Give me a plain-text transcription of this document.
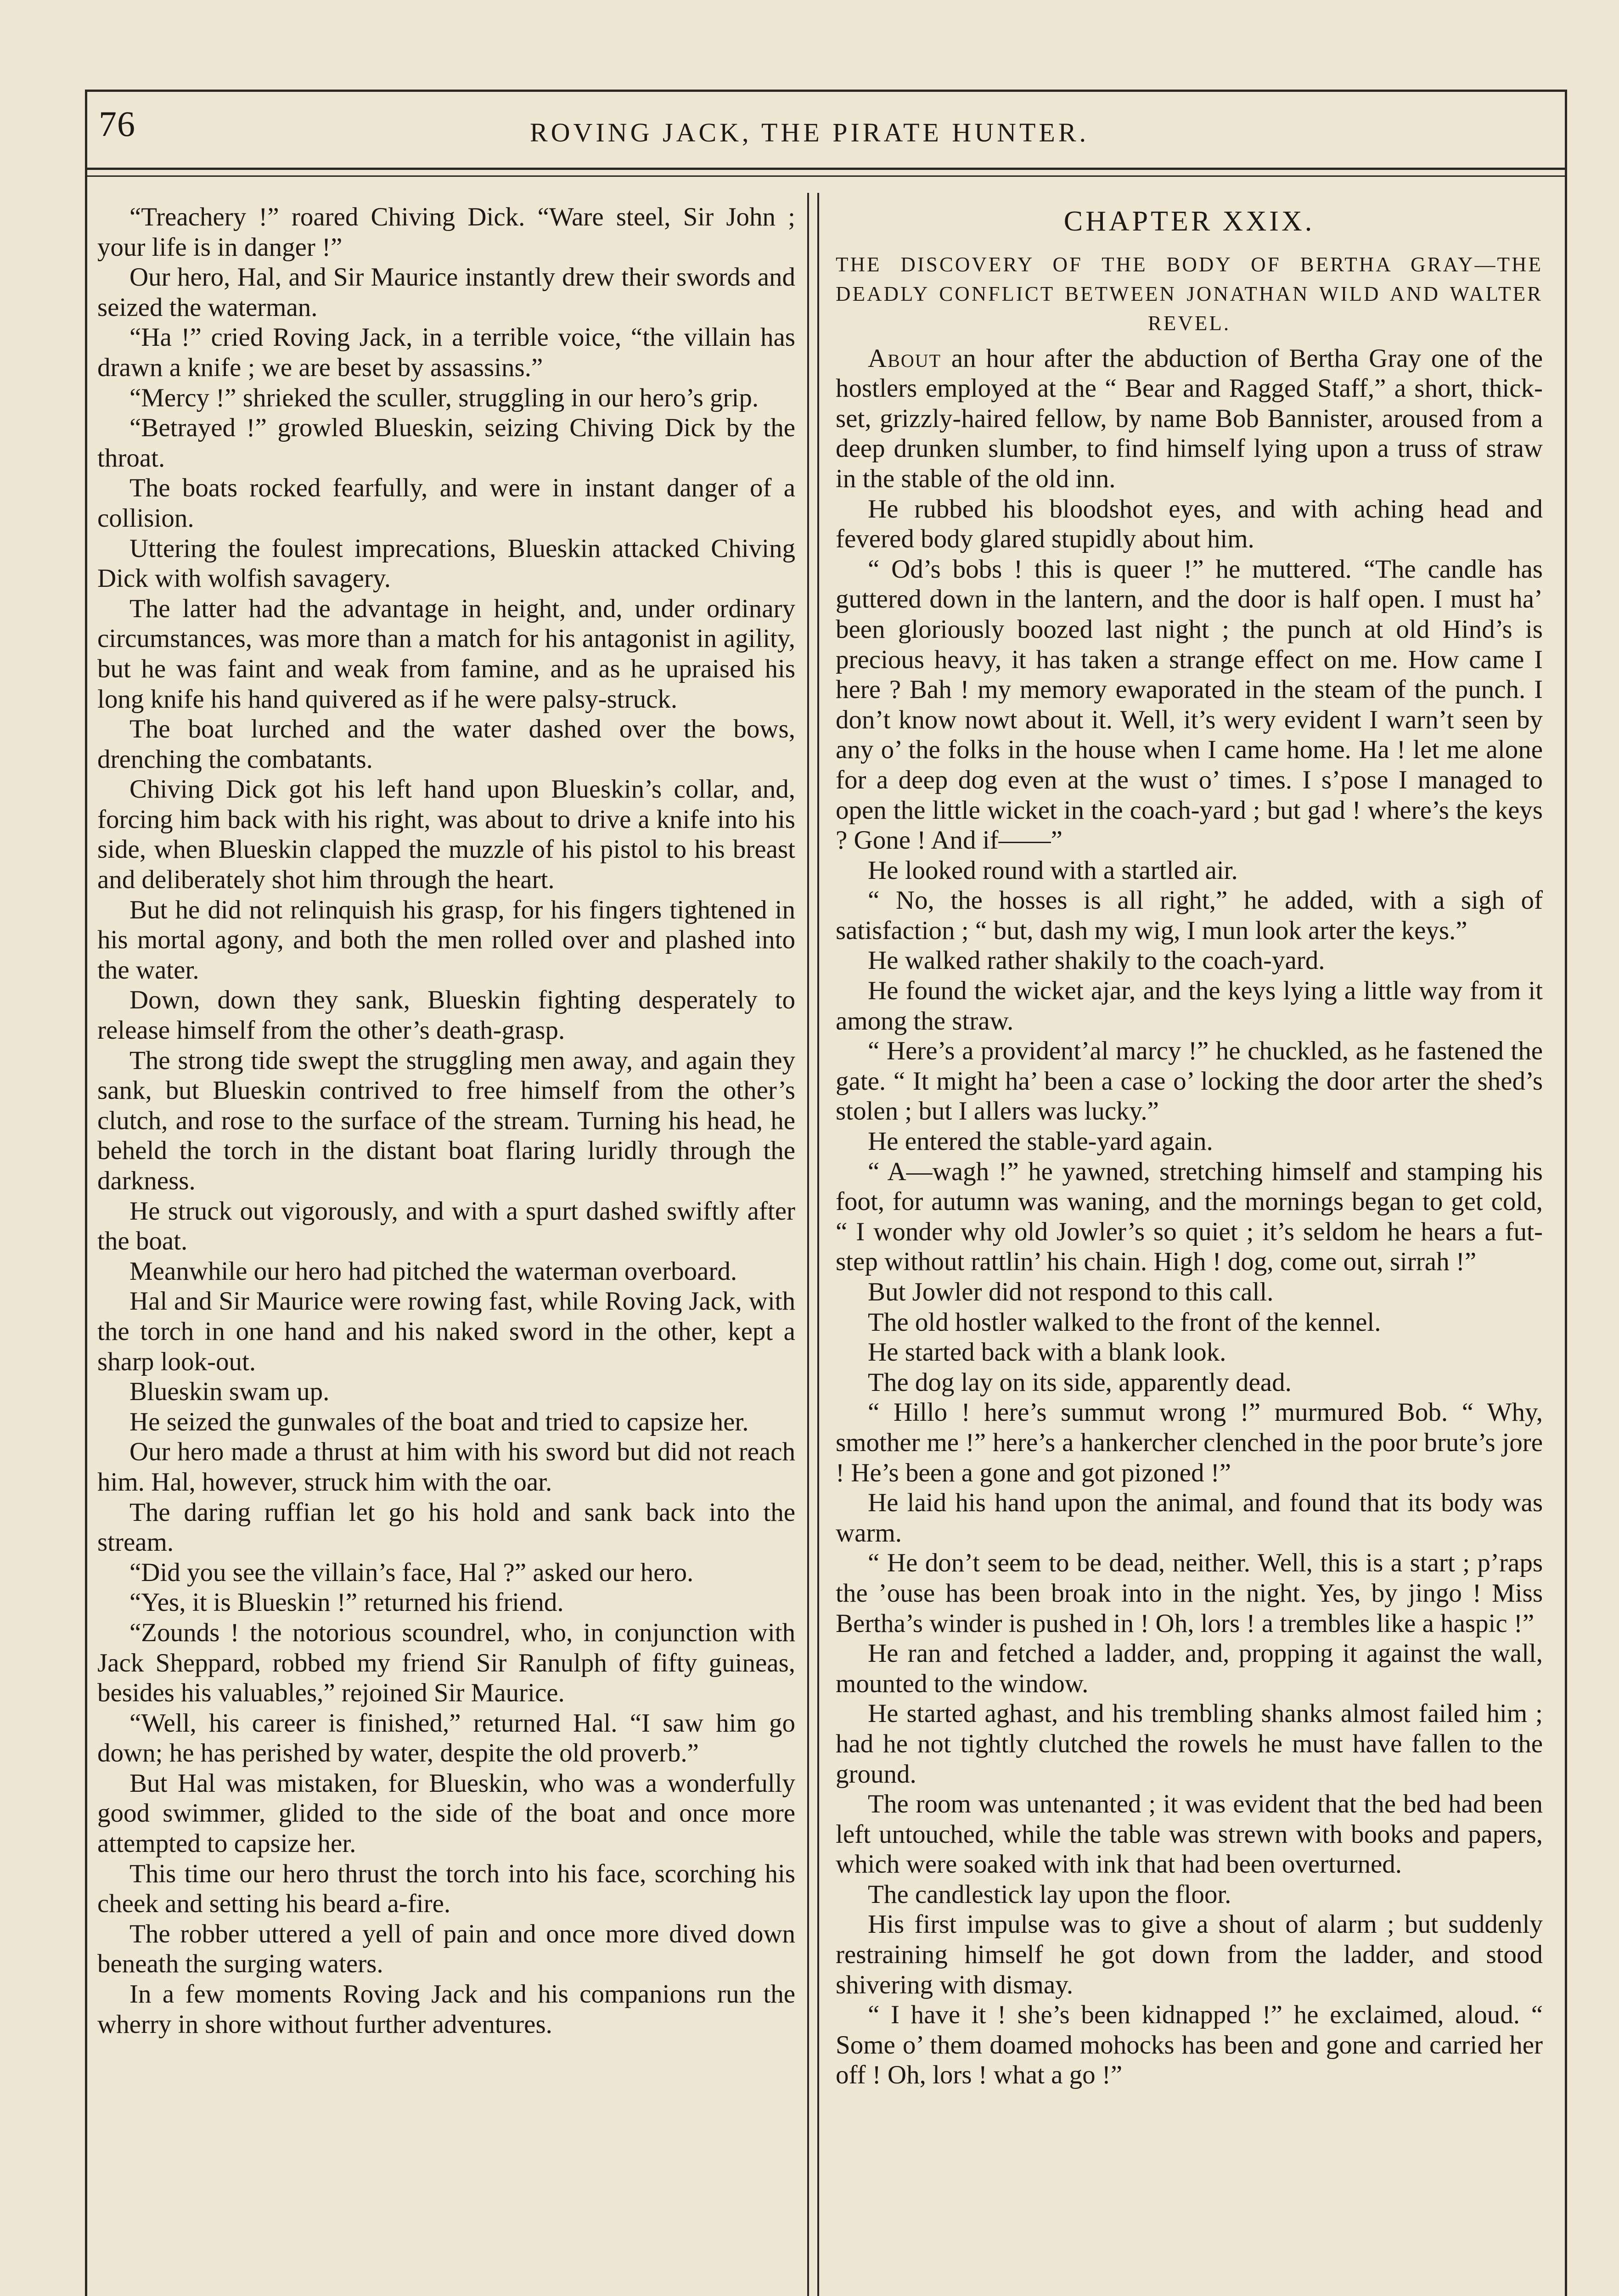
76	ROVING JACK, THE PIRATE HUNTER.

“Treachery !” roared Chiving Dick. “Ware steel, Sir John ; your life is in danger !”

Our hero, Hal, and Sir Maurice instantly drew their swords and seized the waterman.

“Ha !” cried Roving Jack, in a terrible voice, “the villain has drawn a knife ; we are beset by assassins.”

“Mercy !” shrieked the sculler, struggling in our hero’s grip.

“Betrayed !” growled Blueskin, seizing Chiving Dick by the throat.

The boats rocked fearfully, and were in instant danger of a collision.

Uttering the foulest imprecations, Blueskin attacked Chiving Dick with wolfish savagery.

The latter had the advantage in height, and, under ordinary circumstances, was more than a match for his antagonist in agility, but he was faint and weak from famine, and as he upraised his long knife his hand quivered as if he were palsy-struck.

The boat lurched and the water dashed over the bows, drenching the combatants.

Chiving Dick got his left hand upon Blueskin’s collar, and, forcing him back with his right, was about to drive a knife into his side, when Blueskin clapped the muzzle of his pistol to his breast and deliberately shot him through the heart.

But he did not relinquish his grasp, for his fingers tightened in his mortal agony, and both the men rolled over and plashed into the water.

Down, down they sank, Blueskin fighting desperately to release himself from the other’s death-grasp.

The strong tide swept the struggling men away, and again they sank, but Blueskin contrived to free himself from the other’s clutch, and rose to the surface of the stream. Turning his head, he beheld the torch in the distant boat flaring luridly through the darkness.

He struck out vigorously, and with a spurt dashed swiftly after the boat.

Meanwhile our hero had pitched the waterman overboard.

Hal and Sir Maurice were rowing fast, while Roving Jack, with the torch in one hand and his naked sword in the other, kept a sharp look-out.

Blueskin swam up.

He seized the gunwales of the boat and tried to capsize her.

Our hero made a thrust at him with his sword but did not reach him. Hal, however, struck him with the oar.

The daring ruffian let go his hold and sank back into the stream.

“Did you see the villain’s face, Hal ?” asked our hero.

“Yes, it is Blueskin !” returned his friend.

“Zounds ! the notorious scoundrel, who, in conjunction with Jack Sheppard, robbed my friend Sir Ranulph of fifty guineas, besides his valuables,” rejoined Sir Maurice.

“Well, his career is finished,” returned Hal. “I saw him go down; he has perished by water, despite the old proverb.”

But Hal was mistaken, for Blueskin, who was a wonderfully good swimmer, glided to the side of the boat and once more attempted to capsize her.

This time our hero thrust the torch into his face, scorching his cheek and setting his beard a-fire.

The robber uttered a yell of pain and once more dived down beneath the surging waters.

In a few moments Roving Jack and his companions run the wherry in shore without further adventures.

CHAPTER XXIX.
THE DISCOVERY OF THE BODY OF BERTHA GRAY—THE DEADLY CONFLICT BETWEEN JONATHAN WILD AND WALTER REVEL.

About an hour after the abduction of Bertha Gray one of the hostlers employed at the “ Bear and Ragged Staff,” a short, thick-set, grizzly-haired fellow, by name Bob Bannister, aroused from a deep drunken slumber, to find himself lying upon a truss of straw in the stable of the old inn.

He rubbed his bloodshot eyes, and with aching head and fevered body glared stupidly about him.

“ Od’s bobs ! this is queer !” he muttered. “The candle has guttered down in the lantern, and the door is half open. I must ha’ been gloriously boozed last night ; the punch at old Hind’s is precious heavy, it has taken a strange effect on me. How came I here ? Bah ! my memory ewaporated in the steam of the punch. I don’t know nowt about it. Well, it’s wery evident I warn’t seen by any o’ the folks in the house when I came home. Ha ! let me alone for a deep dog even at the wust o’ times. I s’pose I managed to open the little wicket in the coach-yard ; but gad ! where’s the keys ? Gone ! And if——”

He looked round with a startled air.

“ No, the hosses is all right,” he added, with a sigh of satisfaction ; “ but, dash my wig, I mun look arter the keys.”

He walked rather shakily to the coach-yard.

He found the wicket ajar, and the keys lying a little way from it among the straw.

“ Here’s a provident’al marcy !” he chuckled, as he fastened the gate. “ It might ha’ been a case o’ locking the door arter the shed’s stolen ; but I allers was lucky.”

He entered the stable-yard again.

“ A—wagh !” he yawned, stretching himself and stamping his foot, for autumn was waning, and the mornings began to get cold, “ I wonder why old Jowler’s so quiet ; it’s seldom he hears a fut-step without rattlin’ his chain. High ! dog, come out, sirrah !”

But Jowler did not respond to this call.

The old hostler walked to the front of the kennel.

He started back with a blank look.

The dog lay on its side, apparently dead.

“ Hillo ! here’s summut wrong !” murmured Bob. “ Why, smother me !” here’s a hankercher clenched in the poor brute’s jore ! He’s been a gone and got pizoned !”

He laid his hand upon the animal, and found that its body was warm.

“ He don’t seem to be dead, neither. Well, this is a start ; p’raps the ’ouse has been broak into in the night. Yes, by jingo ! Miss Bertha’s winder is pushed in ! Oh, lors ! a trembles like a haspic !”

He ran and fetched a ladder, and, propping it against the wall, mounted to the window.

He started aghast, and his trembling shanks almost failed him ; had he not tightly clutched the rowels he must have fallen to the ground.

The room was untenanted ; it was evident that the bed had been left untouched, while the table was strewn with books and papers, which were soaked with ink that had been overturned.

The candlestick lay upon the floor.

His first impulse was to give a shout of alarm ; but suddenly restraining himself he got down from the ladder, and stood shivering with dismay.

“ I have it ! she’s been kidnapped !” he exclaimed, aloud. “ Some o’ them doamed mohocks has been and gone and carried her off ! Oh, lors ! what a go !”
